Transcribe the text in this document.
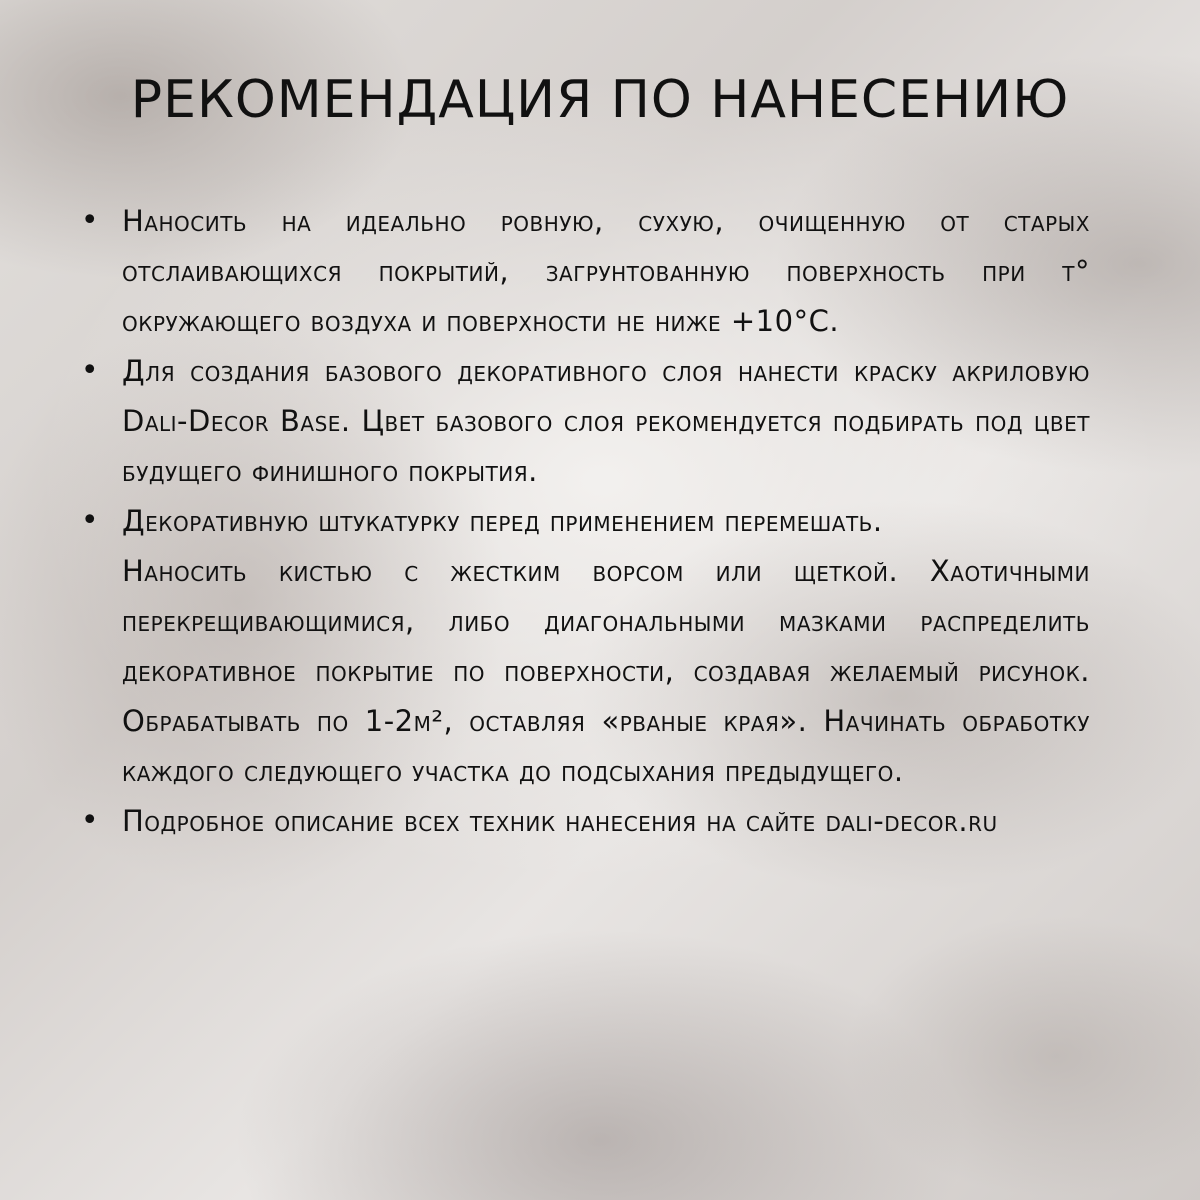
РЕКОМЕНДАЦИЯ ПО НАНЕСЕНИЮ
• Наносить на идеально ровную, сухую, очищенную от старых отслаивающихся покрытий, загрунтованную поверхность при t° окружающего воздуха и поверхности не ниже +10°С.
• Для создания базового декоративного слоя нанести краску акриловую Dali-Decor Base. Цвет базового слоя рекомендуется подбирать под цвет будущего финишного покрытия.
• Декоративную штукатурку перед применением перемешать.
Наносить кистью с жестким ворсом или щеткой. Хаотичными перекрещивающимися, либо диагональными мазками распределить декоративное покрытие по поверхности, создавая желаемый рисунок. Обрабатывать по 1-2м², оставляя «рваные края». Начинать обработку каждого следующего участка до подсыхания предыдущего.
• Подробное описание всех техник нанесения на сайте dali-decor.ru
